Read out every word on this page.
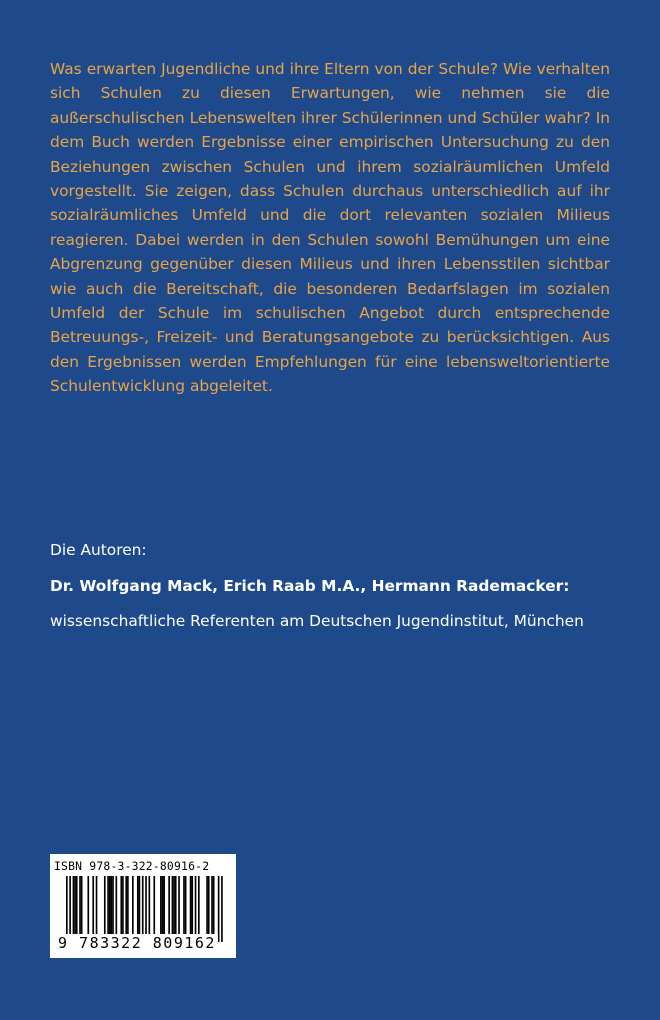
Was erwarten Jugendliche und ihre Eltern von der Schule? Wie verhalten sich Schulen zu diesen Erwartungen, wie nehmen sie die außerschulischen Lebenswelten ihrer Schülerinnen und Schüler wahr? In dem Buch werden Ergebnisse einer empirischen Untersuchung zu den Beziehungen zwischen Schulen und ihrem sozialräumlichen Umfeld vorgestellt. Sie zeigen, dass Schulen durchaus unterschiedlich auf ihr sozialräumliches Umfeld und die dort relevanten sozialen Milieus reagieren. Dabei werden in den Schulen sowohl Bemühungen um eine Abgrenzung gegenüber diesen Milieus und ihren Lebensstilen sichtbar wie auch die Bereitschaft, die besonderen Bedarfslagen im sozialen Umfeld der Schule im schulischen Angebot durch entsprechende Betreuungs-, Freizeit- und Beratungsangebote zu berücksichtigen. Aus den Ergebnissen werden Empfehlungen für eine lebensweltorientierte Schulentwicklung abgeleitet.

Die Autoren:
Dr. Wolfgang Mack, Erich Raab M.A., Hermann Rademacker:
wissenschaftliche Referenten am Deutschen Jugendinstitut, München
ISBN 978-3-322-80916-2
9 783322 809162
